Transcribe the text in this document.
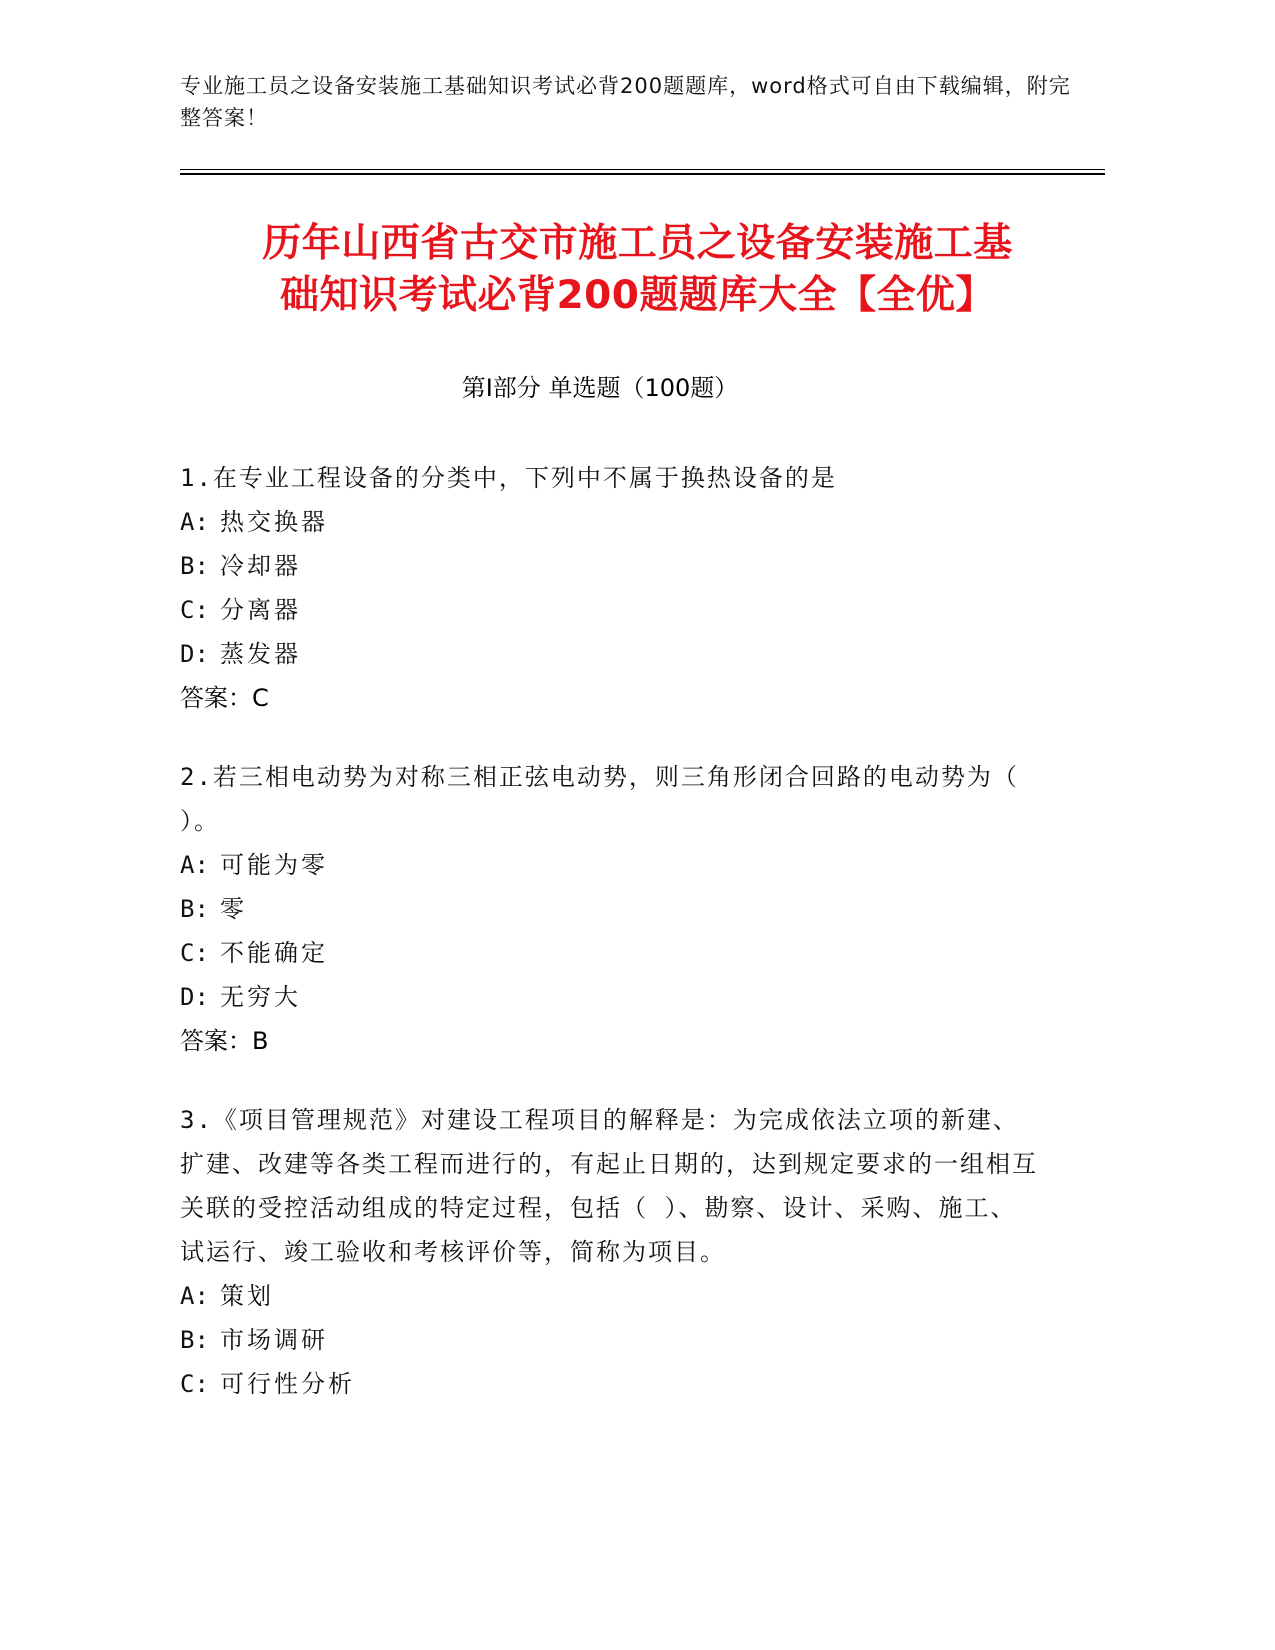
专业施工员之设备安装施工基础知识考试必背200题题库，word格式可自由下载编辑，附完整答案！
历年山西省古交市施工员之设备安装施工基
础知识考试必背200题题库大全【全优】
第Ⅰ部分 单选题（100题）
1.在专业工程设备的分类中，下列中不属于换热设备的是
A: 热交换器
B: 冷却器
C: 分离器
D: 蒸发器
答案：C
2.若三相电动势为对称三相正弦电动势，则三角形闭合回路的电动势为（ ）。
A: 可能为零
B: 零
C: 不能确定
D: 无穷大
答案：B
3.《项目管理规范》对建设工程项目的解释是：为完成依法立项的新建、扩建、改建等各类工程而进行的，有起止日期的，达到规定要求的一组相互关联的受控活动组成的特定过程，包括（ ）、勘察、设计、采购、施工、试运行、竣工验收和考核评价等，简称为项目。
A: 策划
B: 市场调研
C: 可行性分析
